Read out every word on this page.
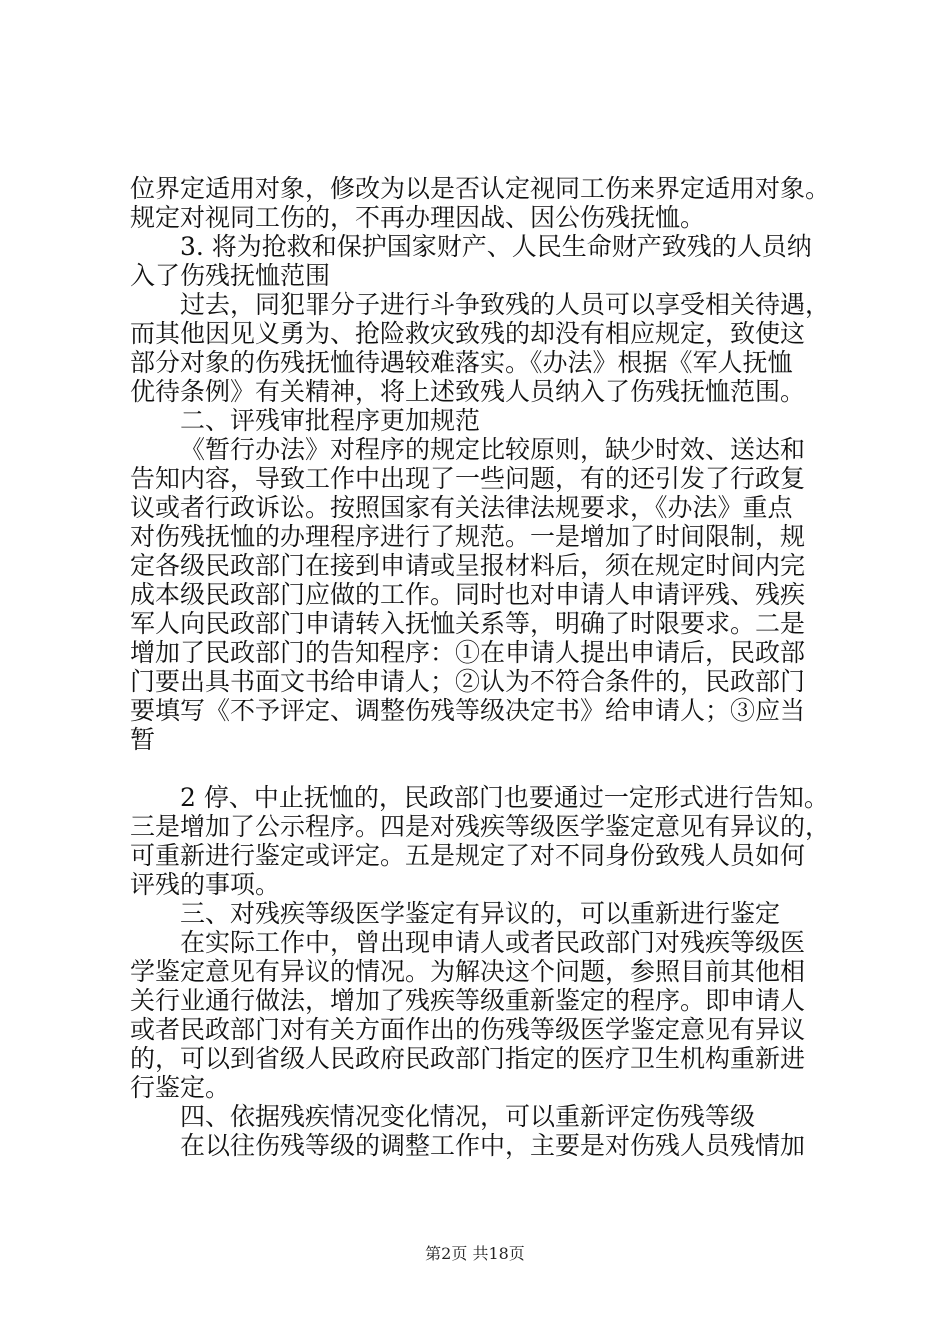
位界定适用对象，修改为以是否认定视同工伤来界定适用对象。
规定对视同工伤的，不再办理因战、因公伤残抚恤。
3. 将为抢救和保护国家财产、人民生命财产致残的人员纳
入了伤残抚恤范围
过去，同犯罪分子进行斗争致残的人员可以享受相关待遇，
而其他因见义勇为、抢险救灾致残的却没有相应规定，致使这
部分对象的伤残抚恤待遇较难落实。《办法》根据《军人抚恤
优待条例》有关精神，将上述致残人员纳入了伤残抚恤范围。
二、评残审批程序更加规范
《暂行办法》对程序的规定比较原则，缺少时效、送达和
告知内容，导致工作中出现了一些问题，有的还引发了行政复
议或者行政诉讼。按照国家有关法律法规要求，《办法》重点
对伤残抚恤的办理程序进行了规范。一是增加了时间限制，规
定各级民政部门在接到申请或呈报材料后，须在规定时间内完
成本级民政部门应做的工作。同时也对申请人申请评残、残疾
军人向民政部门申请转入抚恤关系等，明确了时限要求。二是
增加了民政部门的告知程序：①在申请人提出申请后，民政部
门要出具书面文书给申请人；②认为不符合条件的，民政部门
要填写《不予评定、调整伤残等级决定书》给申请人；③应当
暂
2 停、中止抚恤的，民政部门也要通过一定形式进行告知。
三是增加了公示程序。四是对残疾等级医学鉴定意见有异议的，
可重新进行鉴定或评定。五是规定了对不同身份致残人员如何
评残的事项。
三、对残疾等级医学鉴定有异议的，可以重新进行鉴定
在实际工作中，曾出现申请人或者民政部门对残疾等级医
学鉴定意见有异议的情况。为解决这个问题，参照目前其他相
关行业通行做法，增加了残疾等级重新鉴定的程序。即申请人
或者民政部门对有关方面作出的伤残等级医学鉴定意见有异议
的，可以到省级人民政府民政部门指定的医疗卫生机构重新进
行鉴定。
四、依据残疾情况变化情况，可以重新评定伤残等级
在以往伤残等级的调整工作中，主要是对伤残人员残情加
第2页 共18页
